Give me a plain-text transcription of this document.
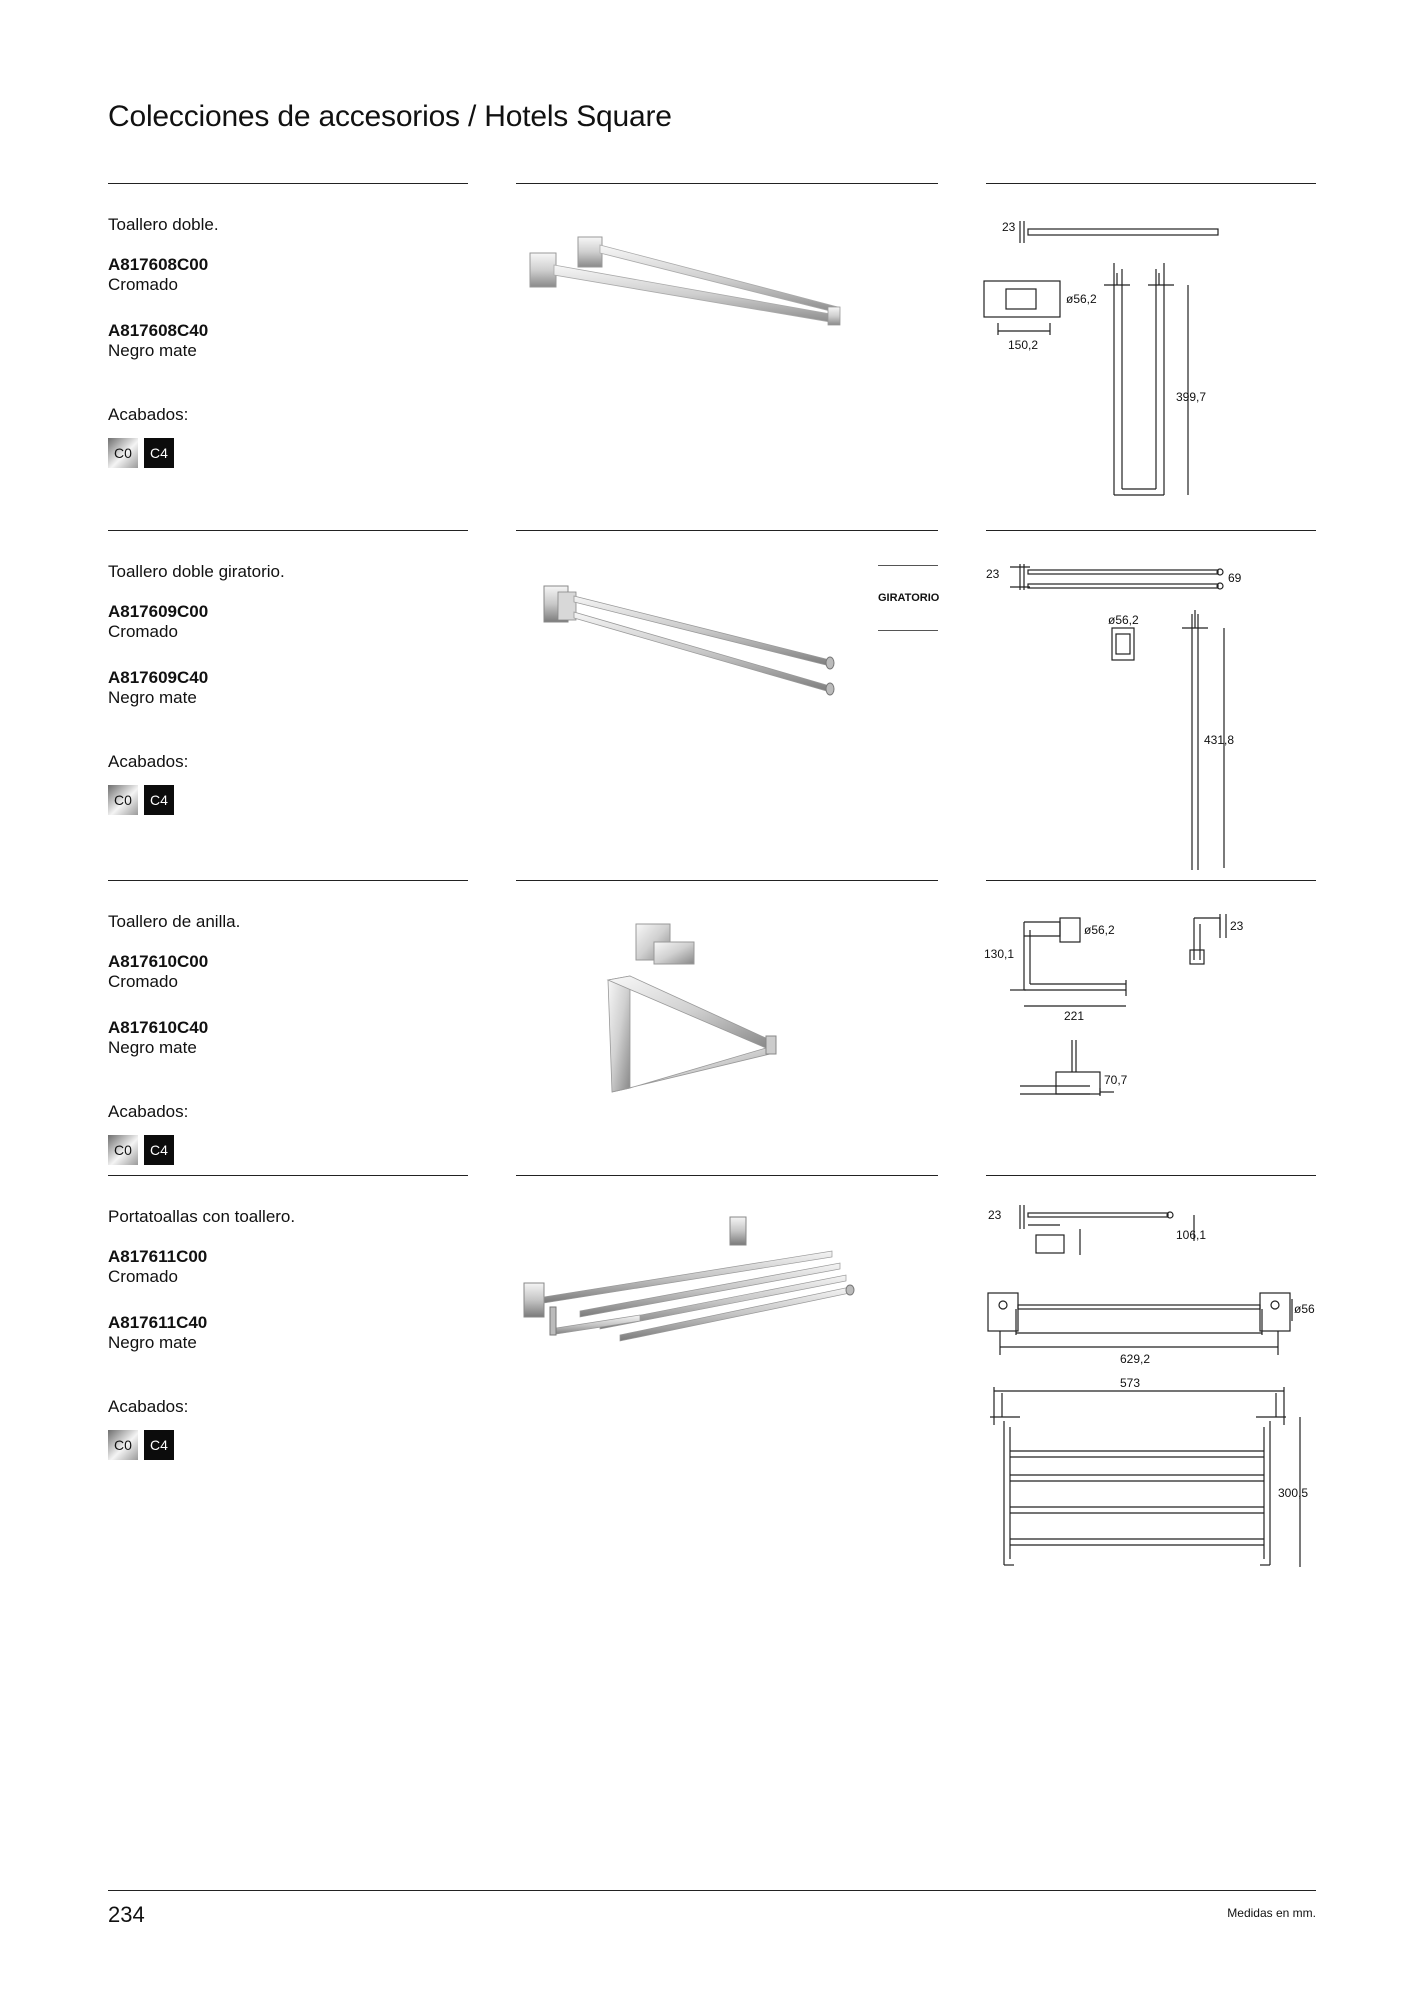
Colecciones de accesorios / Hotels Square

Toallero doble.

A817608C00

Cromado

A817608C40

Negro mate

Acabados:

C0	C4
23
ø56,2
150,2
399,7

Toallero doble giratorio.

A817609C00

Cromado

A817609C40

Negro mate

Acabados:

C0	C4
GIRATORIO
23	69
ø56,2
431,8

Toallero de anilla.

A817610C00

Cromado

A817610C40

Negro mate

Acabados:

C0	C4
130,1
ø56,2
221
23
70,7

Portatoallas con toallero.

A817611C00

Cromado

A817611C40

Negro mate

Acabados:

C0	C4
23
106,1
ø56
629,2
573
300,5
234	Medidas en mm.
